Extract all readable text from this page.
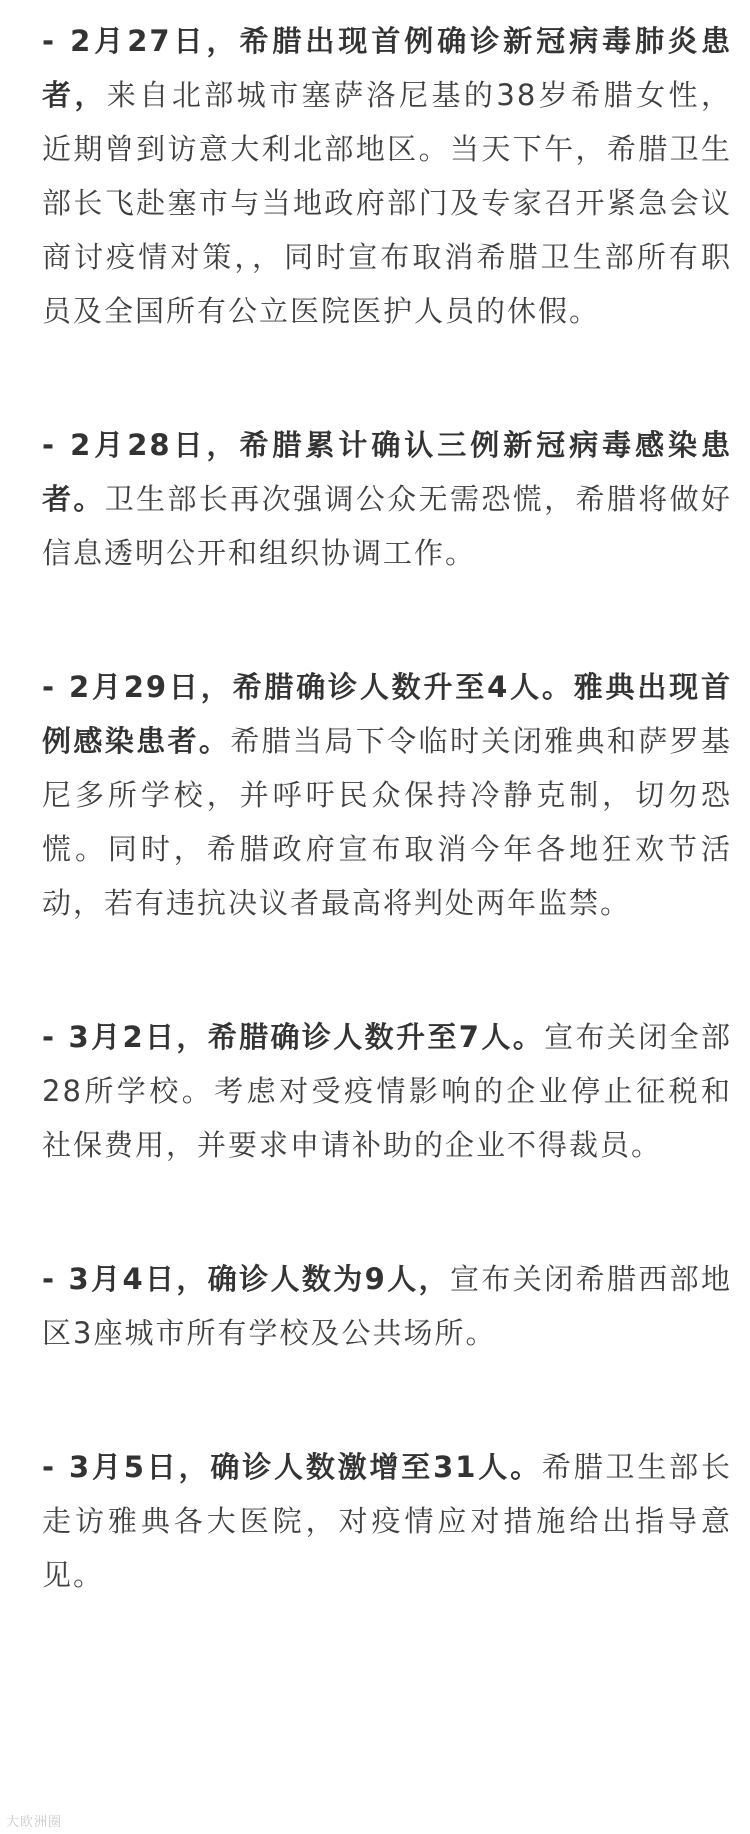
- 2月27日，希腊出现首例确诊新冠病毒肺炎患者，来自北部城市塞萨洛尼基的38岁希腊女性，近期曾到访意大利北部地区。当天下午，希腊卫生部长飞赴塞市与当地政府部门及专家召开紧急会议商讨疫情对策，，同时宣布取消希腊卫生部所有职员及全国所有公立医院医护人员的休假。

- 2月28日，希腊累计确认三例新冠病毒感染患者。卫生部长再次强调公众无需恐慌，希腊将做好信息透明公开和组织协调工作。

- 2月29日，希腊确诊人数升至4人。雅典出现首例感染患者。希腊当局下令临时关闭雅典和萨罗基尼多所学校，并呼吁民众保持冷静克制，切勿恐慌。同时，希腊政府宣布取消今年各地狂欢节活动，若有违抗决议者最高将判处两年监禁。

- 3月2日，希腊确诊人数升至7人。宣布关闭全部28所学校。考虑对受疫情影响的企业停止征税和社保费用，并要求申请补助的企业不得裁员。

- 3月4日，确诊人数为9人，宣布关闭希腊西部地区3座城市所有学校及公共场所。

- 3月5日，确诊人数激增至31人。希腊卫生部长走访雅典各大医院，对疫情应对措施给出指导意见。

大欧洲圈
